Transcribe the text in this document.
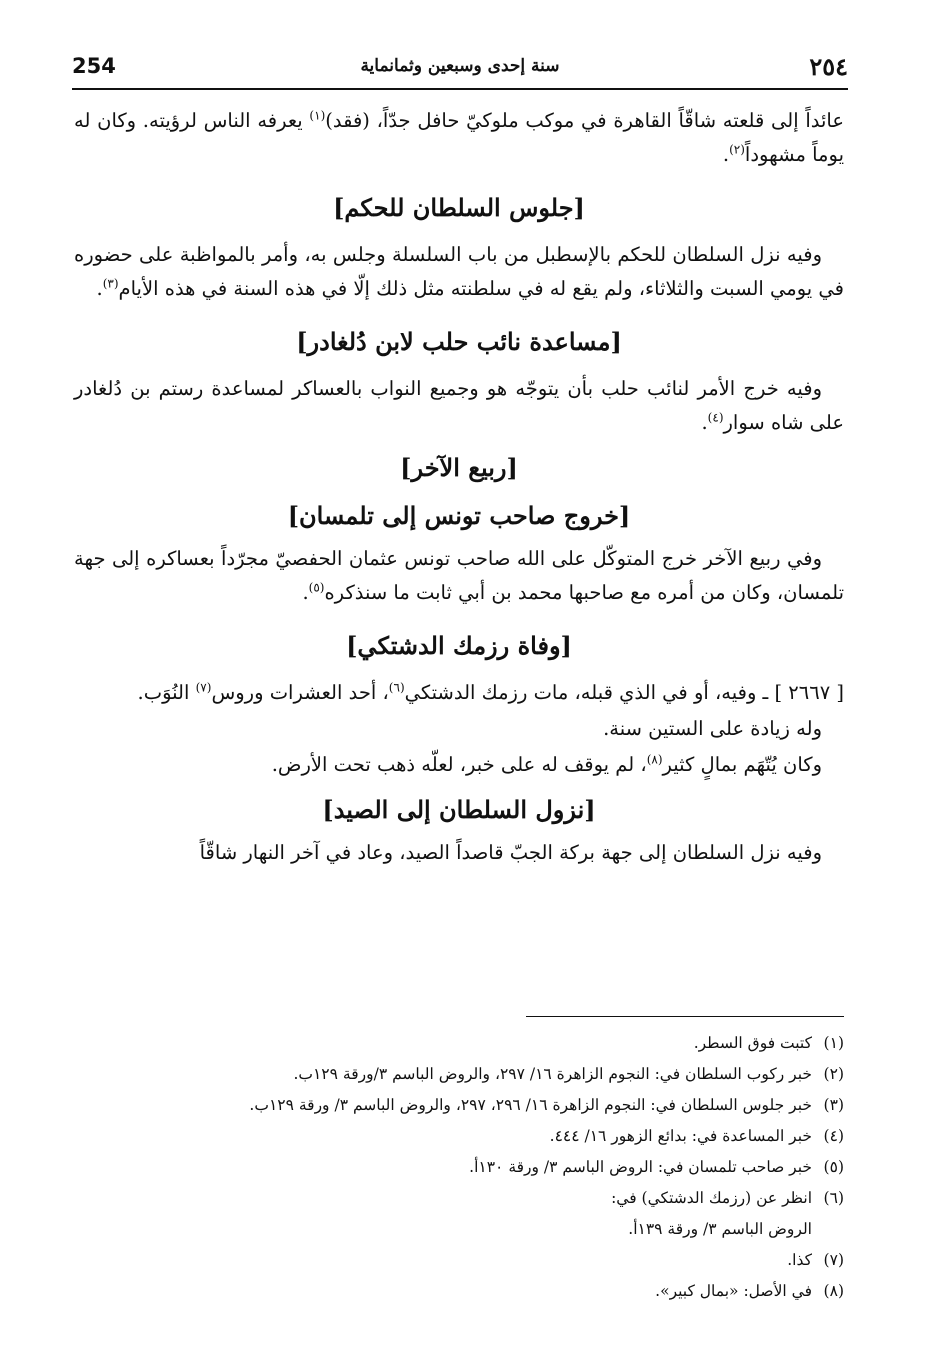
254	سنة إحدى وسبعين وثمانماية	٢٥٤

عائداً إلى قلعته شاقّاً القاهرة في موكب ملوكيّ حافل جدّاً، (فقد)$^{(١)}$ يعرفه الناس لرؤيته. وكان له يوماً مشهوداً$^{(٢)}$.

[جلوس السلطان للحكم]

وفيه نزل السلطان للحكم بالإسطبل من باب السلسلة وجلس به، وأمر بالمواظبة على حضوره في يومي السبت والثلاثاء، ولم يقع له في سلطنته مثل ذلك إلّا في هذه السنة في هذه الأيام$^{(٣)}$.

[مساعدة نائب حلب لابن دُلغادر]

وفيه خرج الأمر لنائب حلب بأن يتوجّه هو وجميع النواب بالعساكر لمساعدة رستم بن دُلغادر على شاه سوار$^{(٤)}$.

[ربيع الآخر]
[خروج صاحب تونس إلى تلمسان]

وفي ربيع الآخر خرج المتوكّل على الله صاحب تونس عثمان الحفصيّ مجرّداً بعساكره إلى جهة تلمسان، وكان من أمره مع صاحبها محمد بن أبي ثابت ما سنذكره$^{(٥)}$.

[وفاة رزمك الدشتكي]

[ ٢٦٦٧ ] ـ وفيه، أو في الذي قبله، مات رزمك الدشتكي$^{(٦)}$، أحد العشرات وروس$^{(٧)}$ النُوَب.

وله زيادة على الستين سنة.

وكان يُتّهَم بمالٍ كثير$^{(٨)}$، لم يوقف له على خبر، لعلّه ذهب تحت الأرض.

[نزول السلطان إلى الصيد]

وفيه نزل السلطان إلى جهة بركة الجبّ قاصداً الصيد، وعاد في آخر النهار شاقّاً

(١)
كتبت فوق السطر.
(٢)
خبر ركوب السلطان في: النجوم الزاهرة ١٦/ ٢٩٧، والروض الباسم ٣/ورقة ١٢٩ب.
(٣)
خبر جلوس السلطان في: النجوم الزاهرة ١٦/ ٢٩٦، ٢٩٧، والروض الباسم ٣/ ورقة ١٢٩ب.
(٤)
خبر المساعدة في: بدائع الزهور ١٦/ ٤٤٤.
(٥)
خبر صاحب تلمسان في: الروض الباسم ٣/ ورقة ١٣٠أ.
(٦)
انظر عن (رزمك الدشتكي) في:
الروض الباسم ٣/ ورقة ١٣٩أ.
(٧)
كذا.
(٨)
في الأصل: «بمال كبير».
